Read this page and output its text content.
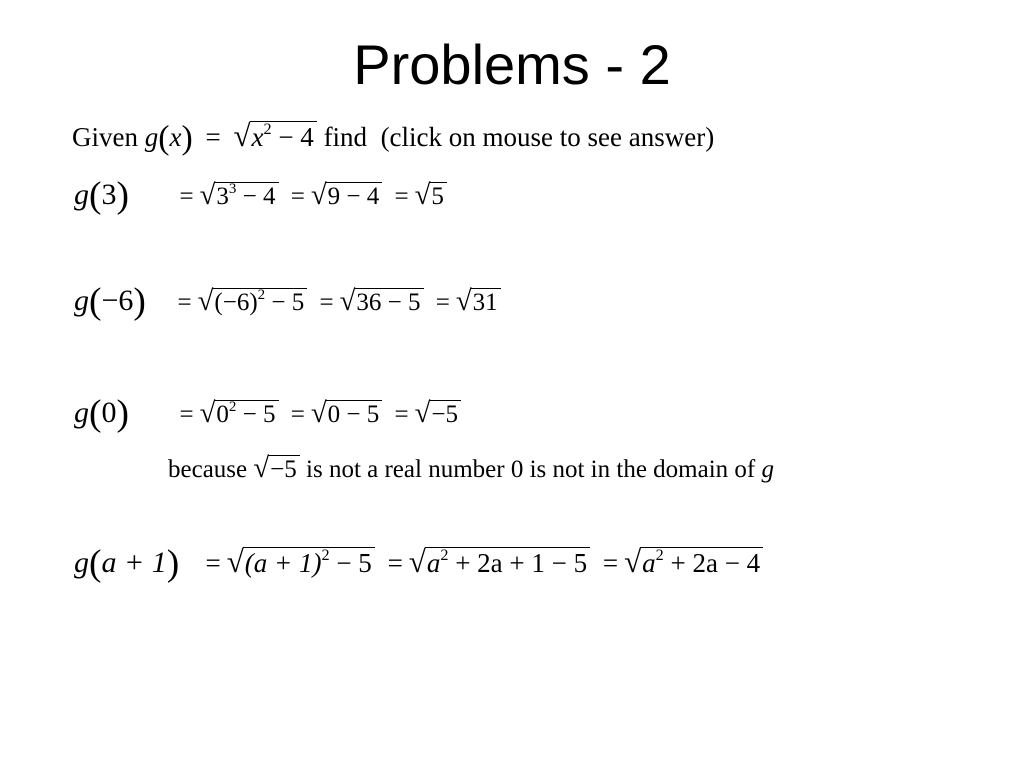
Problems - 2
Given $g(x) = √x^2 - 4$ find (click on mouse to see answer)
$g(3) = √3^3 - 4 = √9 - 4 = √5$
$g(-6) = √(-6)^2 - 5 = √36 - 5 = √31$
$g(0) = √0^2 - 5 = √0 - 5 = √-5$
because √−5 is not a real number 0 is not in the domain of g
$g(a + 1) = √(a + 1)^2 - 5 = √a^2 + 2a + 1 - 5 = √a^2 + 2a - 4$
